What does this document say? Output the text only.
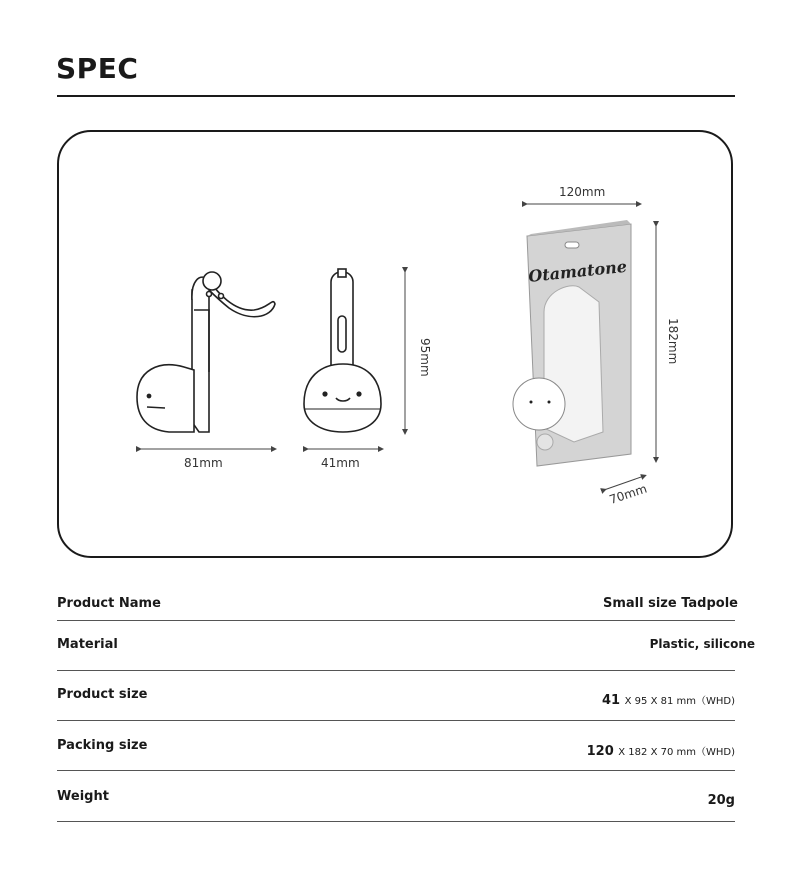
SPEC
Otamatone
81mm	41mm
95mm
120mm
182mm
70mm
Product Name	Small size Tadpole
Material	Plastic, silicone
Product size	41 X 95 X 81 mm（WHD)
Packing size	120 X 182 X 70 mm（WHD)
Weight	20g
